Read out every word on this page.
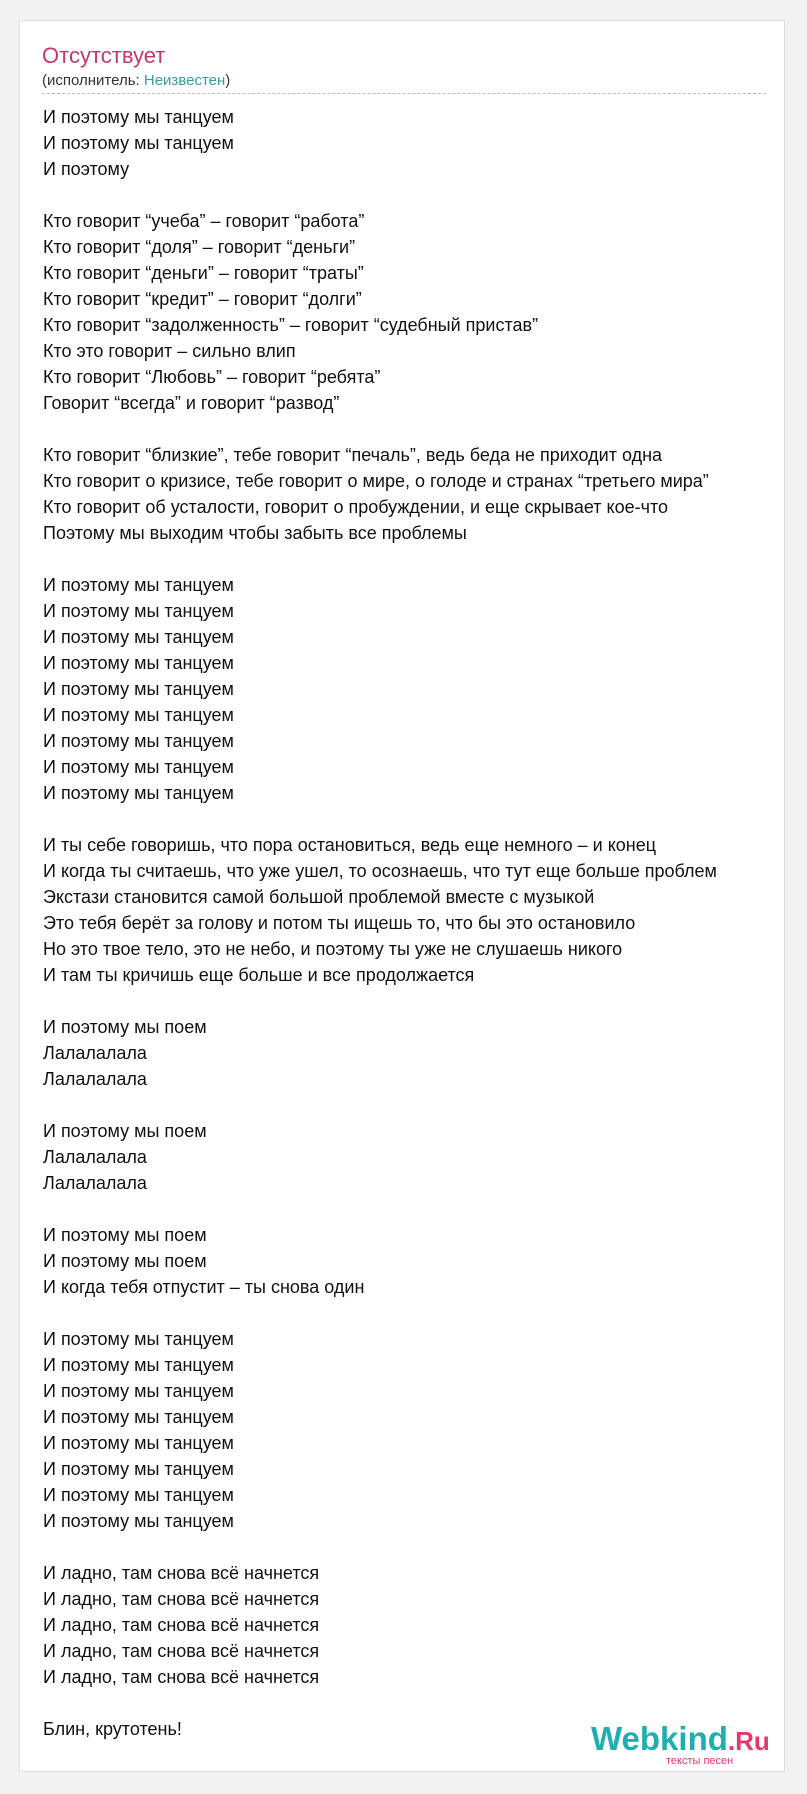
Отсутствует
(исполнитель: Неизвестен)
И поэтому мы танцуем
И поэтому мы танцуем
И поэтому
Кто говорит “учеба” – говорит “работа”
Кто говорит “доля” – говорит “деньги”
Кто говорит “деньги” – говорит “траты”
Кто говорит “кредит” – говорит “долги”
Кто говорит “задолженность” – говорит “судебный пристав”
Кто это говорит – сильно влип
Кто говорит “Любовь” – говорит “ребята”
Говорит “всегда” и говорит “развод”
Кто говорит “близкие”, тебе говорит “печаль”, ведь беда не приходит одна
Кто говорит о кризисе, тебе говорит о мире, о голоде и странах “третьего мира”
Кто говорит об усталости, говорит о пробуждении, и еще скрывает кое-что
Поэтому мы выходим чтобы забыть все проблемы
И поэтому мы танцуем
И поэтому мы танцуем
И поэтому мы танцуем
И поэтому мы танцуем
И поэтому мы танцуем
И поэтому мы танцуем
И поэтому мы танцуем
И поэтому мы танцуем
И поэтому мы танцуем
И ты себе говоришь, что пора остановиться, ведь еще немного – и конец
И когда ты считаешь, что уже ушел, то осознаешь, что тут еще больше проблем
Экстази становится самой большой проблемой вместе с музыкой
Это тебя берёт за голову и потом ты ищешь то, что бы это остановило
Но это твое тело, это не небо, и поэтому ты уже не слушаешь никого
И там ты кричишь еще больше и все продолжается
И поэтому мы поем
Лалалалала
Лалалалала
И поэтому мы поем
Лалалалала
Лалалалала
И поэтому мы поем
И поэтому мы поем
И когда тебя отпустит – ты снова один
И поэтому мы танцуем
И поэтому мы танцуем
И поэтому мы танцуем
И поэтому мы танцуем
И поэтому мы танцуем
И поэтому мы танцуем
И поэтому мы танцуем
И поэтому мы танцуем
И ладно, там снова всё начнется
И ладно, там снова всё начнется
И ладно, там снова всё начнется
И ладно, там снова всё начнется
И ладно, там снова всё начнется
Блин, крутотень!	Webkind.Ru
тексты песен
